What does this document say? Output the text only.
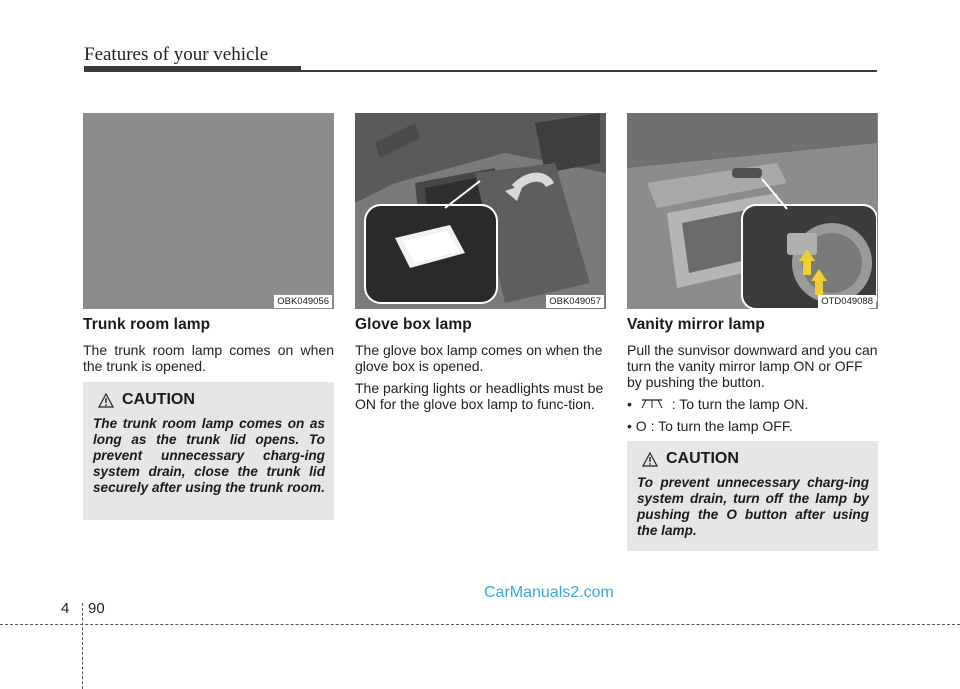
Features of your vehicle
OBK049056	OBK049057	OTD049088
Trunk room lamp

The trunk room lamp comes on when the trunk is opened.

CAUTION
The trunk room lamp comes on as long as the trunk lid opens. To prevent unnecessary charg-ing system drain, close the trunk lid securely after using the trunk room.
Glove box lamp

The glove box lamp comes on when the glove box is opened.

The parking lights or headlights must be ON for the glove box lamp to func-tion.

Vanity mirror lamp

Pull the sunvisor downward and you can turn the vanity mirror lamp ON or OFF by pushing the button.

•	: To turn the lamp ON.

• O : To turn the lamp OFF.

CAUTION
To prevent unnecessary charg-ing system drain, turn off the lamp by pushing the O button after using the lamp.
CarManuals2.com
4 90
